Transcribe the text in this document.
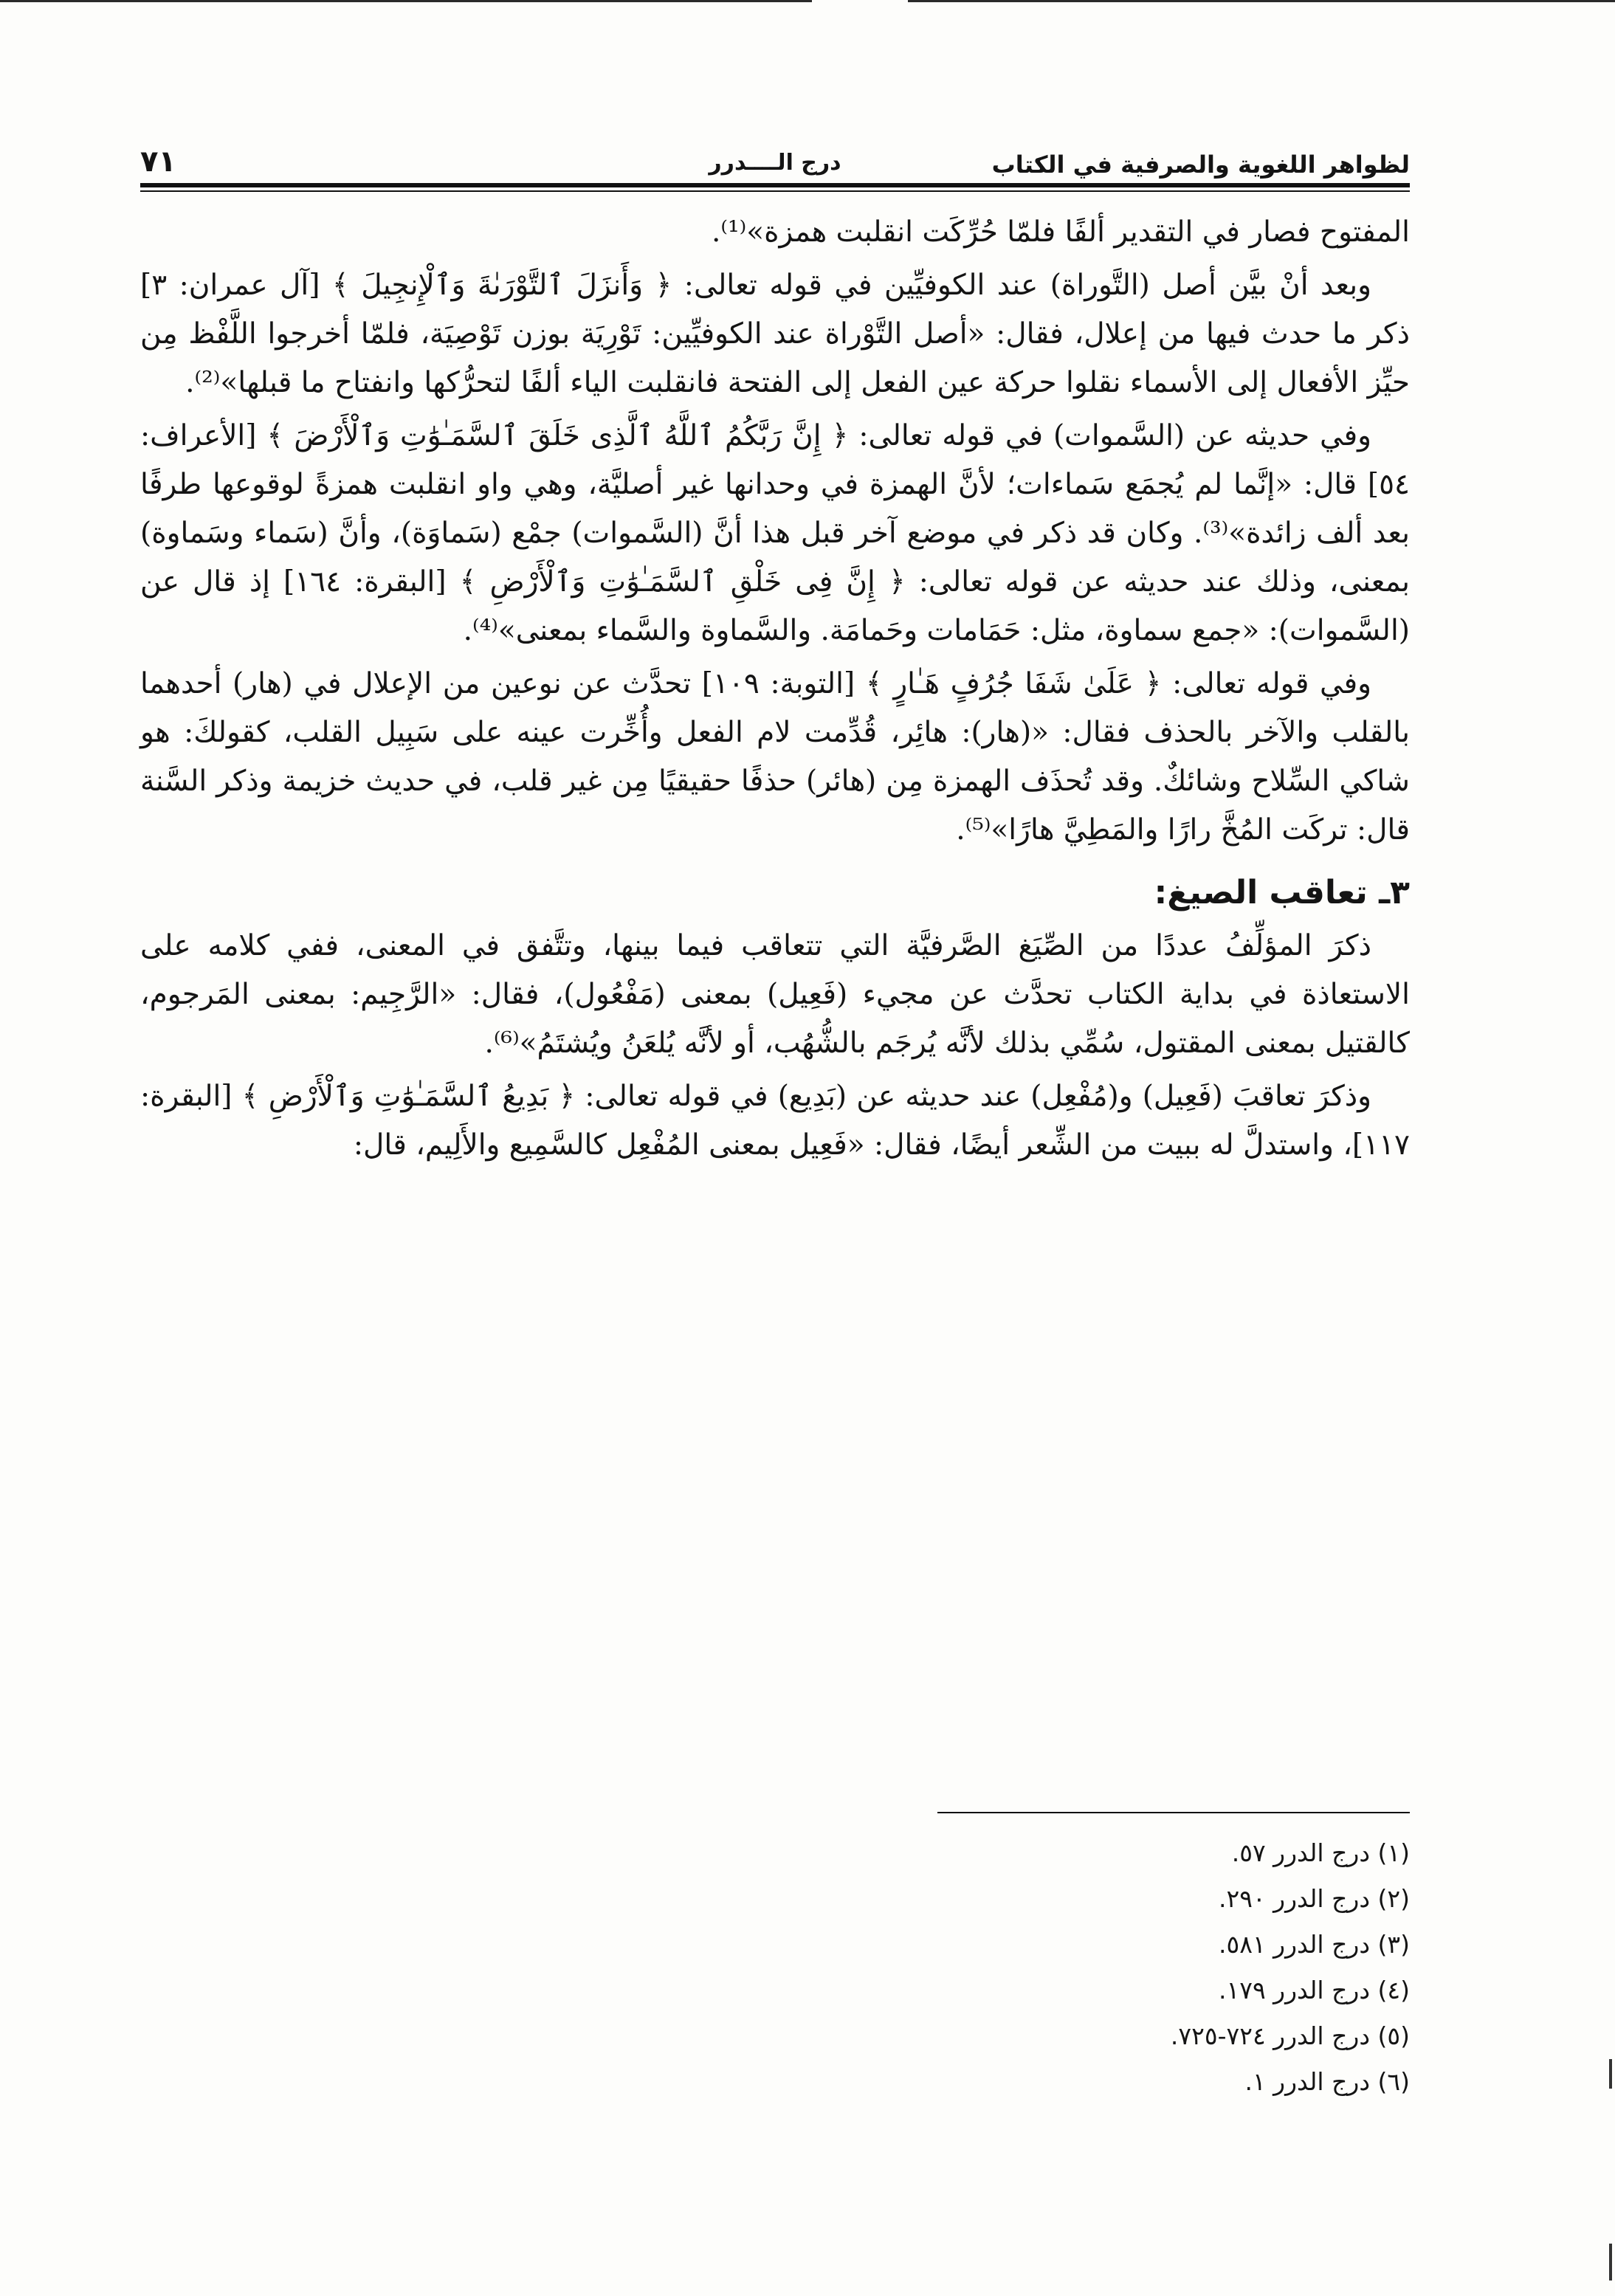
لظواهر اللغوية والصرفية في الكتاب
درج الــــدرر
٧١

المفتوح فصار في التقدير ألفًا فلمّا حُرِّكَت انقلبت همزة»⁽¹⁾.

وبعد أنْ بيَّن أصل (التَّوراة) عند الكوفيِّين في قوله تعالى: ﴿ وَأَنزَلَ ٱلتَّوْرَىٰةَ وَٱلْإِنجِيلَ ﴾ [آل عمران: ٣] ذكر ما حدث فيها من إعلال، فقال: «أصل التَّوْراة عند الكوفيِّين: تَوْرِيَة بوزن تَوْصِيَة، فلمّا أخرجوا اللَّفْظ مِن حيِّز الأفعال إلى الأسماء نقلوا حركة عين الفعل إلى الفتحة فانقلبت الياء ألفًا لتحرُّكها وانفتاح ما قبلها»⁽²⁾.

وفي حديثه عن (السَّموات) في قوله تعالى: ﴿ إِنَّ رَبَّكُمُ ٱللَّهُ ٱلَّذِى خَلَقَ ٱلسَّمَـٰوَٰتِ وَٱلْأَرْضَ ﴾ [الأعراف: ٥٤] قال: «إنَّما لم يُجمَع سَماءات؛ لأنَّ الهمزة في وحدانها غير أصليَّة، وهي واو انقلبت همزةً لوقوعها طرفًا بعد ألف زائدة»⁽³⁾. وكان قد ذكر في موضع آخر قبل هذا أنَّ (السَّموات) جمْع (سَماوَة)، وأنَّ (سَماء وسَماوة) بمعنى، وذلك عند حديثه عن قوله تعالى: ﴿ إِنَّ فِى خَلْقِ ٱلسَّمَـٰوَٰتِ وَٱلْأَرْضِ ﴾ [البقرة: ١٦٤] إذ قال عن (السَّموات): «جمع سماوة، مثل: حَمَامات وحَمامَة. والسَّماوة والسَّماء بمعنى»⁽⁴⁾.

وفي قوله تعالى: ﴿ عَلَىٰ شَفَا جُرُفٍ هَـٰارٍ ﴾ [التوبة: ١٠٩] تحدَّث عن نوعين من الإعلال في (هار) أحدهما بالقلب والآخر بالحذف فقال: «(هار): هائِر، قُدِّمت لام الفعل وأُخِّرت عينه على سَبِيل القلب، كقولكَ: هو شاكي السِّلاح وشائكٌ. وقد تُحذَف الهمزة مِن (هائر) حذفًا حقيقيًا مِن غير قلب، في حديث خزيمة وذكر السَّنة قال: تركَت المُخَّ رارًا والمَطِيَّ هارًا»⁽⁵⁾.

٣ـ تعاقب الصيغ:

ذكرَ المؤلِّفُ عددًا من الصِّيَغ الصَّرفيَّة التي تتعاقب فيما بينها، وتتَّفق في المعنى، ففي كلامه على الاستعاذة في بداية الكتاب تحدَّث عن مجيء (فَعِيل) بمعنى (مَفْعُول)، فقال: «الرَّجِيم: بمعنى المَرجوم، كالقتيل بمعنى المقتول، سُمِّي بذلك لأنَّه يُرجَم بالشُّهُب، أو لأنَّه يُلعَنُ ويُشتَمُ»⁽⁶⁾.

وذكرَ تعاقبَ (فَعِيل) و(مُفْعِل) عند حديثه عن (بَدِيع) في قوله تعالى: ﴿ بَدِيعُ ٱلسَّمَـٰوَٰتِ وَٱلْأَرْضِ ﴾ [البقرة: ١١٧]، واستدلَّ له ببيت من الشِّعر أيضًا، فقال: «فَعِيل بمعنى المُفْعِل كالسَّمِيع والأَلِيم، قال:

(١) درج الدرر ٥٧.
(٢) درج الدرر ٢٩٠.
(٣) درج الدرر ٥٨١.
(٤) درج الدرر ١٧٩.
(٥) درج الدرر ٧٢٤-٧٢٥.
(٦) درج الدرر ١.
